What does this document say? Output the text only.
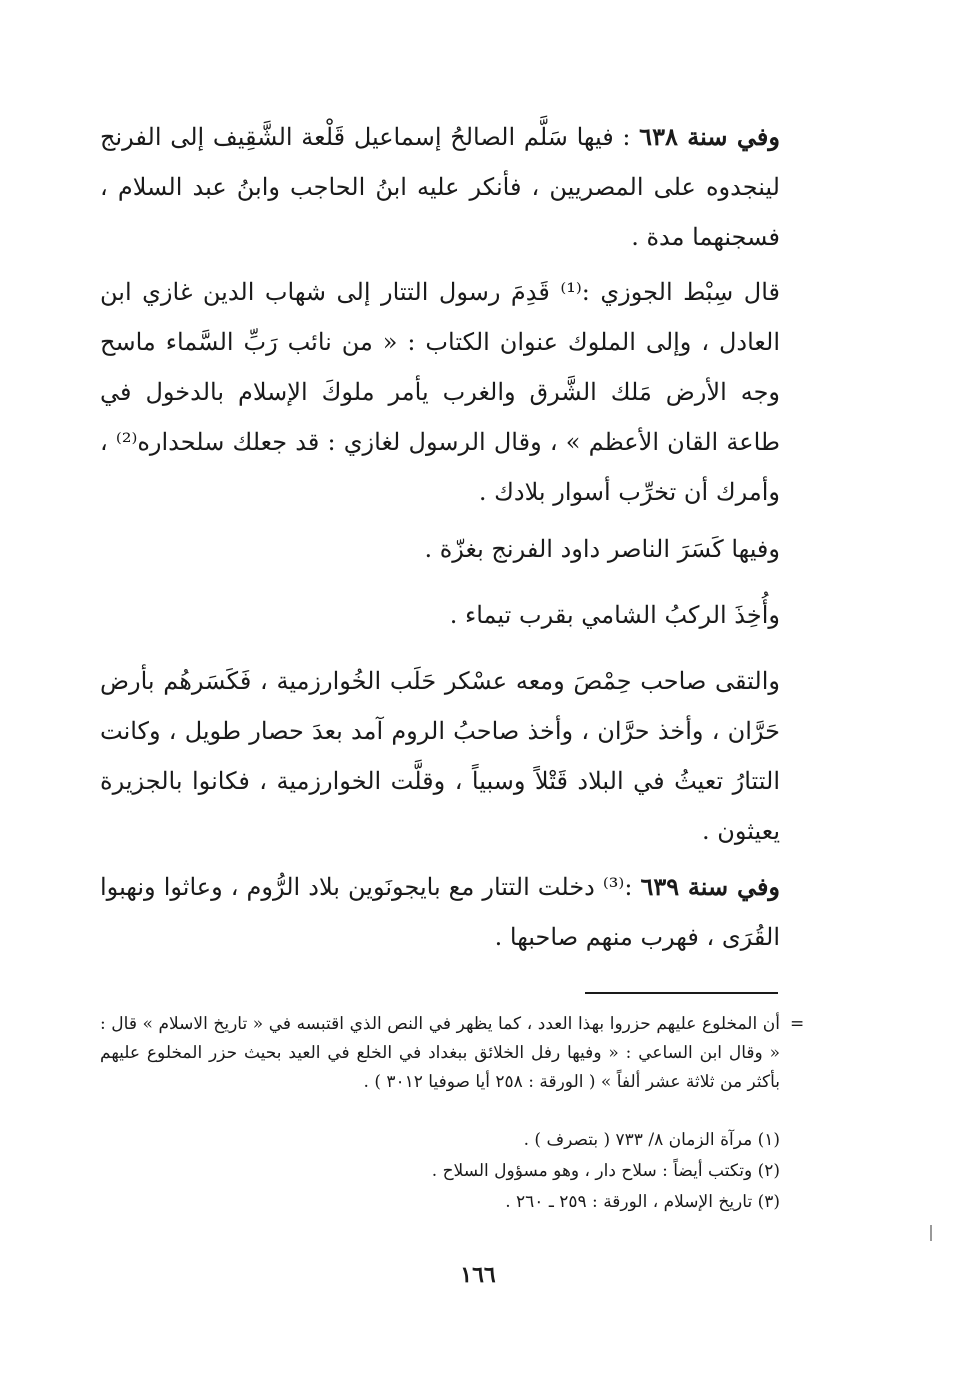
وفي سنة ٦٣٨ : فيها سَلَّم الصالحُ إسماعيل قَلْعة الشَّقِيف إلى الفرنج لينجدوه على المصريين ، فأنكر عليه ابنُ الحاجب وابنُ عبد السلام ، فسجنهما مدة .

قال سِبْط الجوزي :⁽¹⁾ قَدِمَ رسول التتار إلى شهاب الدين غازي ابن العادل ، وإلى الملوك عنوان الكتاب : « من نائب رَبِّ السَّماء ماسح وجه الأرض مَلك الشَّرق والغرب يأمر ملوكَ الإسلام بالدخول في طاعة القان الأعظم » ، وقال الرسول لغازي : قد جعلك سلحداره⁽²⁾ ، وأمرك أن تخرِّب أسوار بلادك .

وفيها كَسَرَ الناصر داود الفرنج بغزّة .

وأُخِذَ الركبُ الشامي بقرب تيماء .

والتقى صاحب حِمْصَ ومعه عسْكر حَلَب الخُوارزمية ، فَكَسَرهُم بأرض حَرَّان ، وأخذ حرَّان ، وأخذ صاحبُ الروم آمد بعدَ حصار طويل ، وكانت التتارُ تعيثُ في البلاد قَتْلاً وسبياً ، وقلَّت الخوارزمية ، فكانوا بالجزيرة يعيثون .

وفي سنة ٦٣٩ :⁽³⁾ دخلت التتار مع بايجونَوين بلاد الرُّوم ، وعاثوا ونهبوا القُرَى ، فهرب منهم صاحبها .

=

أن المخلوع عليهم حزروا بهذا العدد ، كما يظهر في النص الذي اقتبسه في « تاريخ الاسلام » قال : « وقال ابن الساعي : « وفيها رفل الخلائق ببغداد في الخلع في العيد بحيث حزر المخلوع عليهم بأكثر من ثلاثة عشر ألفاً » ( الورقة : ٢٥٨ أيا صوفيا ٣٠١٢ ) .

(١) مرآة الزمان ٨/ ٧٣٣ ( بتصرف ) .

(٢) وتكتب أيضاً : سلاح دار ، وهو مسؤول السلاح .

(٣) تاريخ الإسلام ، الورقة : ٢٥٩ ـ ٢٦٠ .

١٦٦
